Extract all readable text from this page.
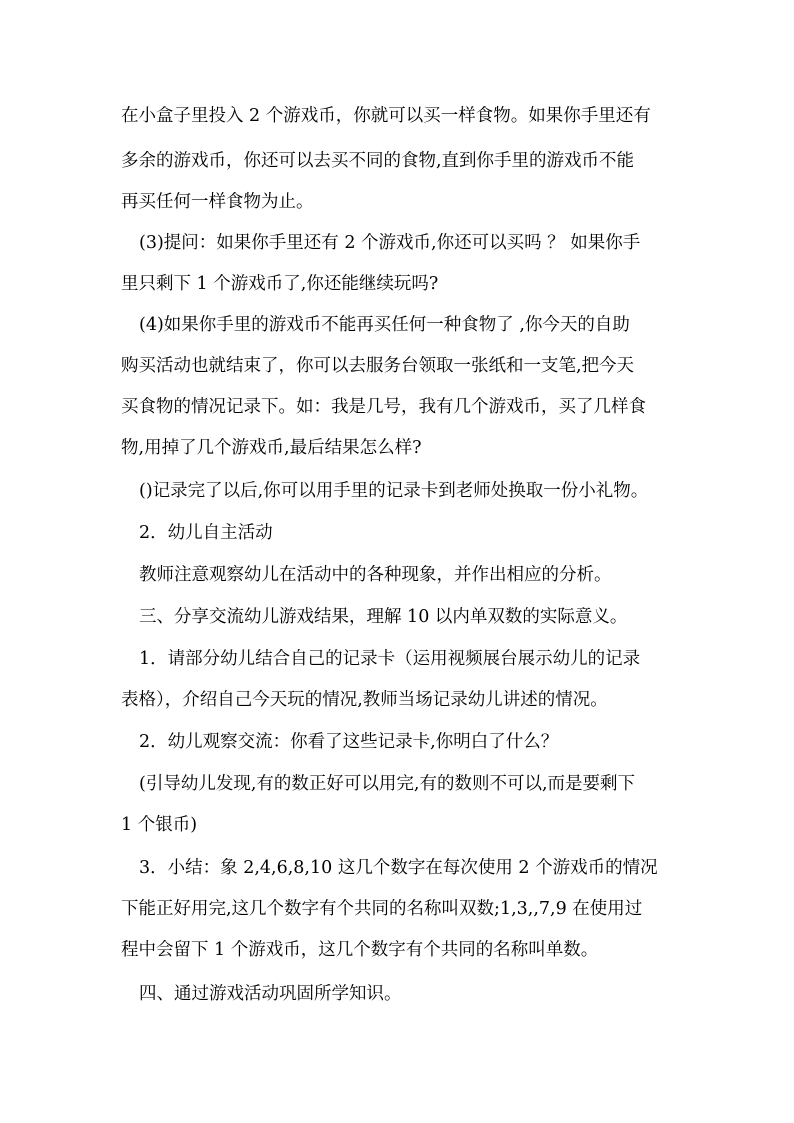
在小盒子里投入 2 个游戏币，你就可以买一样食物。如果你手里还有
多余的游戏币，你还可以去买不同的食物,直到你手里的游戏币不能
再买任何一样食物为止。
(3)提问：如果你手里还有 2 个游戏币,你还可以买吗 ？ 如果你手
里只剩下 1 个游戏币了,你还能继续玩吗?
(4)如果你手里的游戏币不能再买任何一种食物了 ,你今天的自助
购买活动也就结束了，你可以去服务台领取一张纸和一支笔,把今天
买食物的情况记录下。如：我是几号，我有几个游戏币，买了几样食
物,用掉了几个游戏币,最后结果怎么样?
()记录完了以后,你可以用手里的记录卡到老师处换取一份小礼物。
2．幼儿自主活动
教师注意观察幼儿在活动中的各种现象，并作出相应的分析。
三、分享交流幼儿游戏结果，理解 10 以内单双数的实际意义。
1．请部分幼儿结合自己的记录卡（运用视频展台展示幼儿的记录
表格），介绍自己今天玩的情况,教师当场记录幼儿讲述的情况。
2．幼儿观察交流：你看了这些记录卡,你明白了什么？
(引导幼儿发现,有的数正好可以用完,有的数则不可以,而是要剩下
1 个银币)
3．小结：象 2,4,6,8,10 这几个数字在每次使用 2 个游戏币的情况
下能正好用完,这几个数字有个共同的名称叫双数;1,3,,7,9 在使用过
程中会留下 1 个游戏币，这几个数字有个共同的名称叫单数。
四、通过游戏活动巩固所学知识。
